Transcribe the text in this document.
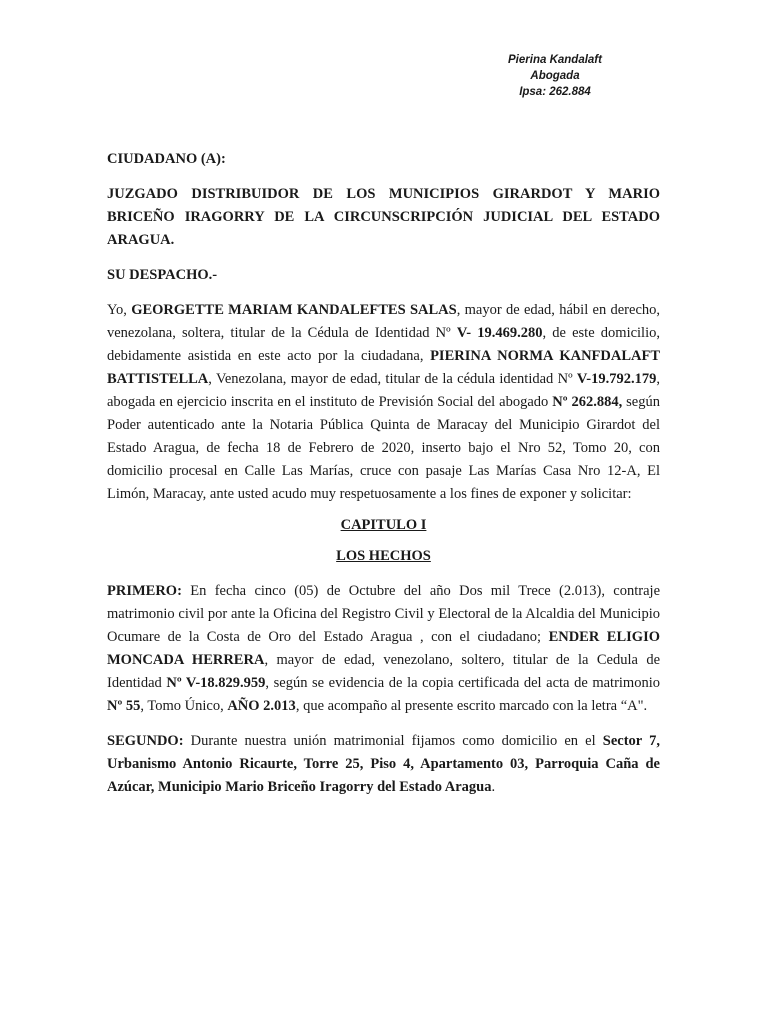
Pierina Kandalaft
Abogada
Ipsa: 262.884

CIUDADANO (A):

JUZGADO DISTRIBUIDOR DE LOS MUNICIPIOS GIRARDOT Y MARIO BRICEÑO IRAGORRY DE LA CIRCUNSCRIPCIÓN JUDICIAL DEL ESTADO ARAGUA.

SU DESPACHO.-

Yo, GEORGETTE MARIAM KANDALEFTES SALAS, mayor de edad, hábil en derecho, venezolana, soltera, titular de la Cédula de Identidad Nº V- 19.469.280, de este domicilio, debidamente asistida en este acto por la ciudadana, PIERINA NORMA KANFDALAFT BATTISTELLA, Venezolana, mayor de edad, titular de la cédula identidad Nº V-19.792.179, abogada en ejercicio inscrita en el instituto de Previsión Social del abogado Nº 262.884, según Poder autenticado ante la Notaria Pública Quinta de Maracay del Municipio Girardot del Estado Aragua, de fecha 18 de Febrero de 2020, inserto bajo el Nro 52, Tomo 20, con domicilio procesal en Calle Las Marías, cruce con pasaje Las Marías Casa Nro 12-A, El Limón, Maracay, ante usted acudo muy respetuosamente a los fines de exponer y solicitar:

CAPITULO I

LOS HECHOS

PRIMERO: En fecha cinco (05) de Octubre del año Dos mil Trece (2.013), contraje matrimonio civil por ante la Oficina del Registro Civil y Electoral de la Alcaldia del Municipio Ocumare de la Costa de Oro del Estado Aragua , con el ciudadano; ENDER ELIGIO MONCADA HERRERA, mayor de edad, venezolano, soltero, titular de la Cedula de Identidad Nº V-18.829.959, según se evidencia de la copia certificada del acta de matrimonio Nº 55, Tomo Único, AÑO 2.013, que acompaño al presente escrito marcado con la letra “A".

SEGUNDO: Durante nuestra unión matrimonial fijamos como domicilio en el Sector 7, Urbanismo Antonio Ricaurte, Torre 25, Piso 4, Apartamento 03, Parroquia Caña de Azúcar, Municipio Mario Briceño Iragorry del Estado Aragua.
